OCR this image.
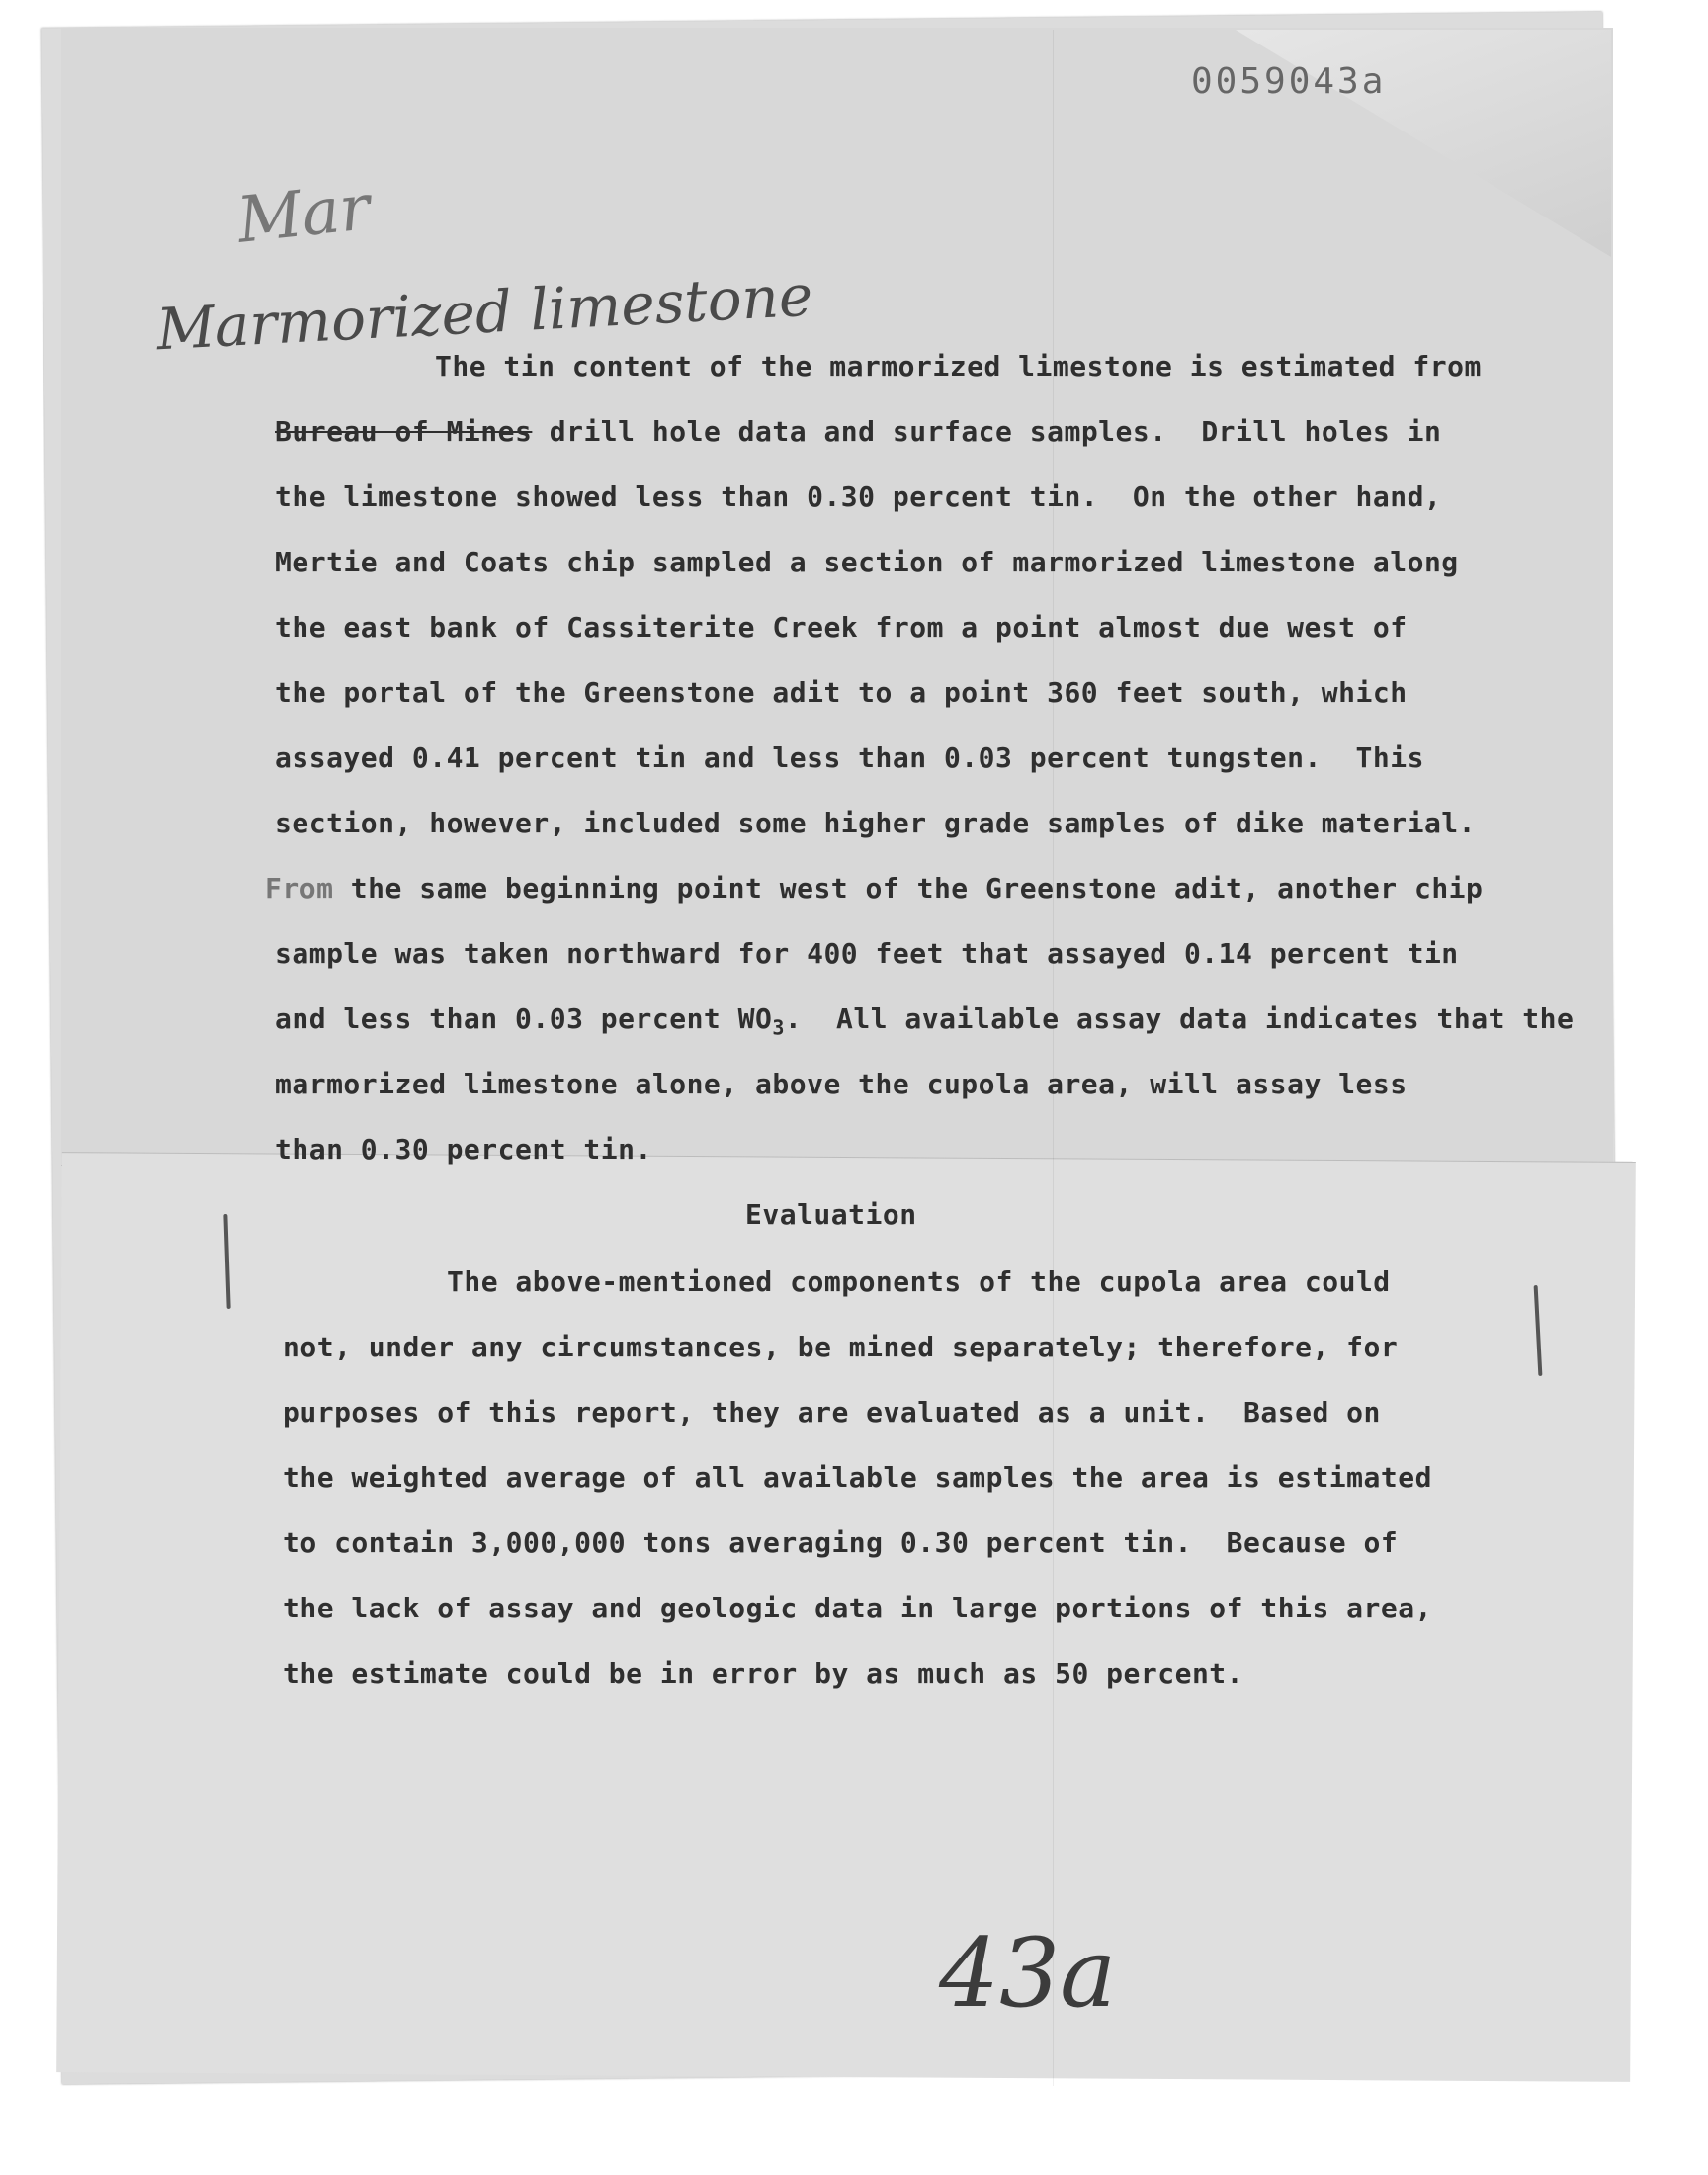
0059043a
Mar
Marmorized limestone
The tin content of the marmorized limestone is estimated from
Bureau of Mines drill hole data and surface samples.  Drill holes in
the limestone showed less than 0.30 percent tin.  On the other hand,
Mertie and Coats chip sampled a section of marmorized limestone along
the east bank of Cassiterite Creek from a point almost due west of
the portal of the Greenstone adit to a point 360 feet south, which
assayed 0.41 percent tin and less than 0.03 percent tungsten.  This
section, however, included some higher grade samples of dike material.
From the same beginning point west of the Greenstone adit, another chip
sample was taken northward for 400 feet that assayed 0.14 percent tin
and less than 0.03 percent $WO_3$.  All available assay data indicates that the
marmorized limestone alone, above the cupola area, will assay less
than 0.30 percent tin.
Evaluation
The above-mentioned components of the cupola area could
not, under any circumstances, be mined separately; therefore, for
purposes of this report, they are evaluated as a unit.  Based on
the weighted average of all available samples the area is estimated
to contain 3,000,000 tons averaging 0.30 percent tin.  Because of
the lack of assay and geologic data in large portions of this area,
the estimate could be in error by as much as 50 percent.
43a
